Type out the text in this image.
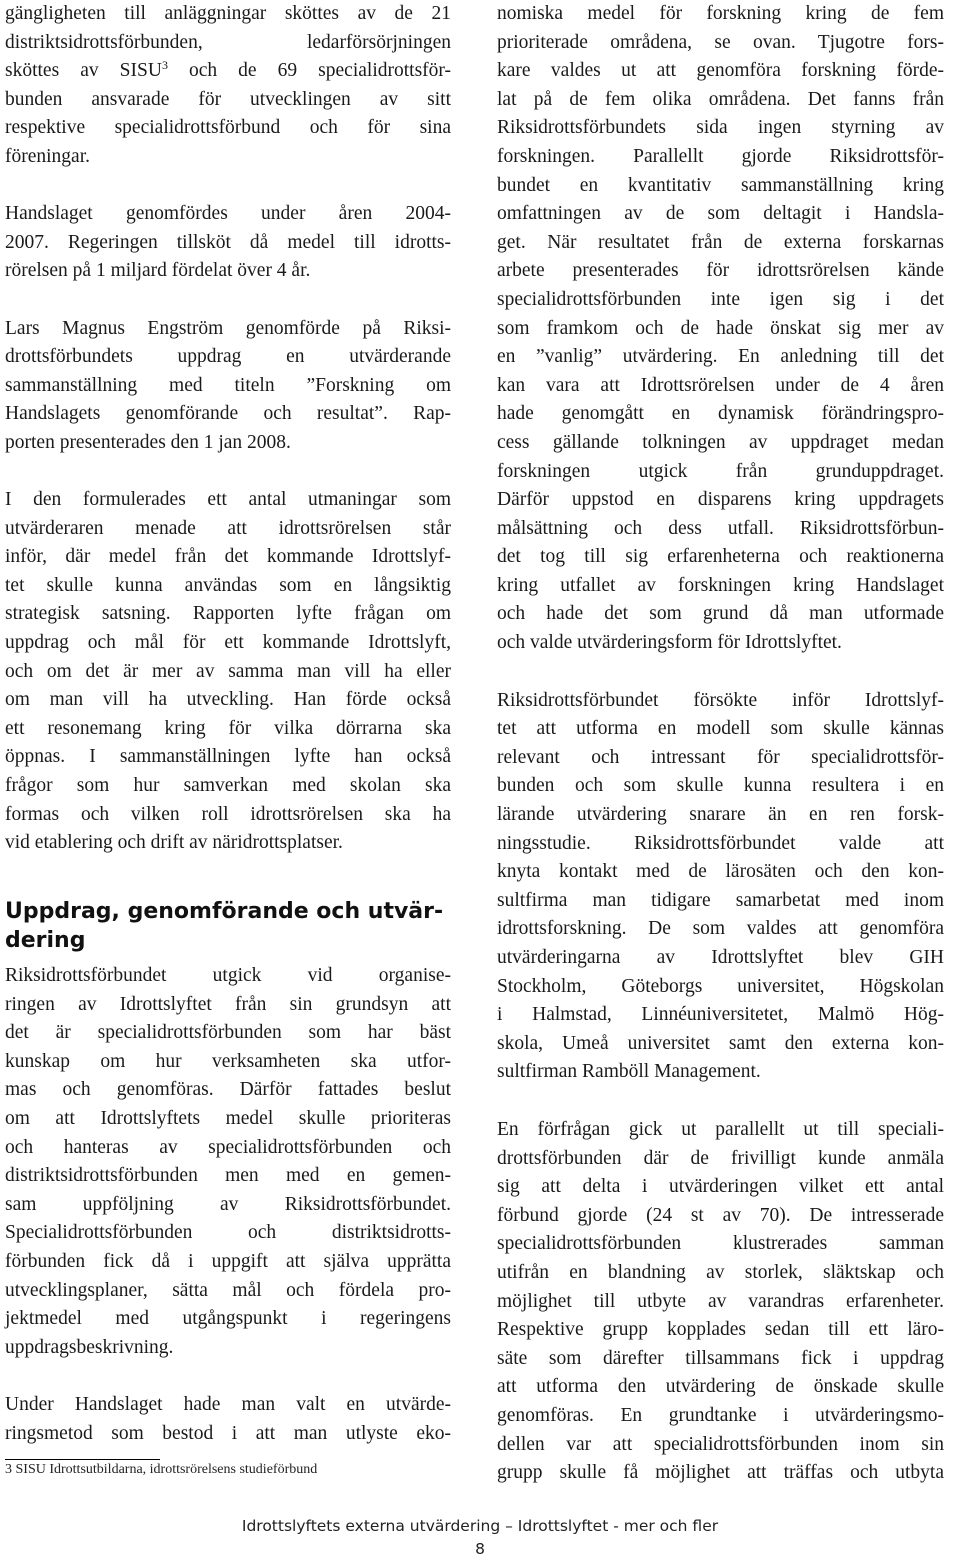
gängligheten till anläggningar sköttes av de 21
distriktsidrottsförbunden, ledarförsörjningen
sköttes av SISU$^3$ och de 69 specialidrottsför-
bunden ansvarade för utvecklingen av sitt
respektive specialidrottsförbund och för sina
föreningar.
Handslaget genomfördes under åren 2004-
2007. Regeringen tillsköt då medel till idrotts-
rörelsen på 1 miljard fördelat över 4 år.
Lars Magnus Engström genomförde på Riksi-
drottsförbundets uppdrag en utvärderande
sammanställning med titeln ”Forskning om
Handslagets genomförande och resultat”. Rap-
porten presenterades den 1 jan 2008.
I den formulerades ett antal utmaningar som
utvärderaren menade att idrottsrörelsen står
inför, där medel från det kommande Idrottslyf-
tet skulle kunna användas som en långsiktig
strategisk satsning. Rapporten lyfte frågan om
uppdrag och mål för ett kommande Idrottslyft,
och om det är mer av samma man vill ha eller
om man vill ha utveckling. Han förde också
ett resonemang kring för vilka dörrarna ska
öppnas. I sammanställningen lyfte han också
frågor som hur samverkan med skolan ska
formas och vilken roll idrottsrörelsen ska ha
vid etablering och drift av näridrottsplatser.
Uppdrag, genomförande och utvär-
dering
Riksidrottsförbundet utgick vid organise-
ringen av Idrottslyftet från sin grundsyn att
det är specialidrottsförbunden som har bäst
kunskap om hur verksamheten ska utfor-
mas och genomföras. Därför fattades beslut
om att Idrottslyftets medel skulle prioriteras
och hanteras av specialidrottsförbunden och
distriktsidrottsförbunden men med en gemen-
sam uppföljning av Riksidrottsförbundet.
Specialidrottsförbunden och distriktsidrotts-
förbunden fick då i uppgift att själva upprätta
utvecklingsplaner, sätta mål och fördela pro-
jektmedel med utgångspunkt i regeringens
uppdragsbeskrivning.
Under Handslaget hade man valt en utvärde-
ringsmetod som bestod i att man utlyste eko-
3 SISU Idrottsutbildarna, idrottsrörelsens studieförbund
nomiska medel för forskning kring de fem
prioriterade områdena, se ovan. Tjugotre fors-
kare valdes ut att genomföra forskning förde-
lat på de fem olika områdena. Det fanns från
Riksidrottsförbundets sida ingen styrning av
forskningen. Parallellt gjorde Riksidrottsför-
bundet en kvantitativ sammanställning kring
omfattningen av de som deltagit i Handsla-
get. När resultatet från de externa forskarnas
arbete presenterades för idrottsrörelsen kände
specialidrottsförbunden inte igen sig i det
som framkom och de hade önskat sig mer av
en ”vanlig” utvärdering. En anledning till det
kan vara att Idrottsrörelsen under de 4 åren
hade genomgått en dynamisk förändringspro-
cess gällande tolkningen av uppdraget medan
forskningen utgick från grunduppdraget.
Därför uppstod en disparens kring uppdragets
målsättning och dess utfall. Riksidrottsförbun-
det tog till sig erfarenheterna och reaktionerna
kring utfallet av forskningen kring Handslaget
och hade det som grund då man utformade
och valde utvärderingsform för Idrottslyftet.
Riksidrottsförbundet försökte inför Idrottslyf-
tet att utforma en modell som skulle kännas
relevant och intressant för specialidrottsför-
bunden och som skulle kunna resultera i en
lärande utvärdering snarare än en ren forsk-
ningsstudie. Riksidrottsförbundet valde att
knyta kontakt med de lärosäten och den kon-
sultfirma man tidigare samarbetat med inom
idrottsforskning. De som valdes att genomföra
utvärderingarna av Idrottslyftet blev GIH
Stockholm, Göteborgs universitet, Högskolan
i Halmstad, Linnéuniversitetet, Malmö Hög-
skola, Umeå universitet samt den externa kon-
sultfirman Ramböll Management.
En förfrågan gick ut parallellt ut till speciali-
drottsförbunden där de frivilligt kunde anmäla
sig att delta i utvärderingen vilket ett antal
förbund gjorde (24 st av 70). De intresserade
specialidrottsförbunden klustrerades samman
utifrån en blandning av storlek, släktskap och
möjlighet till utbyte av varandras erfarenheter.
Respektive grupp kopplades sedan till ett läro-
säte som därefter tillsammans fick i uppdrag
att utforma den utvärdering de önskade skulle
genomföras. En grundtanke i utvärderingsmo-
dellen var att specialidrottsförbunden inom sin
grupp skulle få möjlighet att träffas och utbyta
Idrottslyftets externa utvärdering – Idrottslyftet - mer och fler
8
